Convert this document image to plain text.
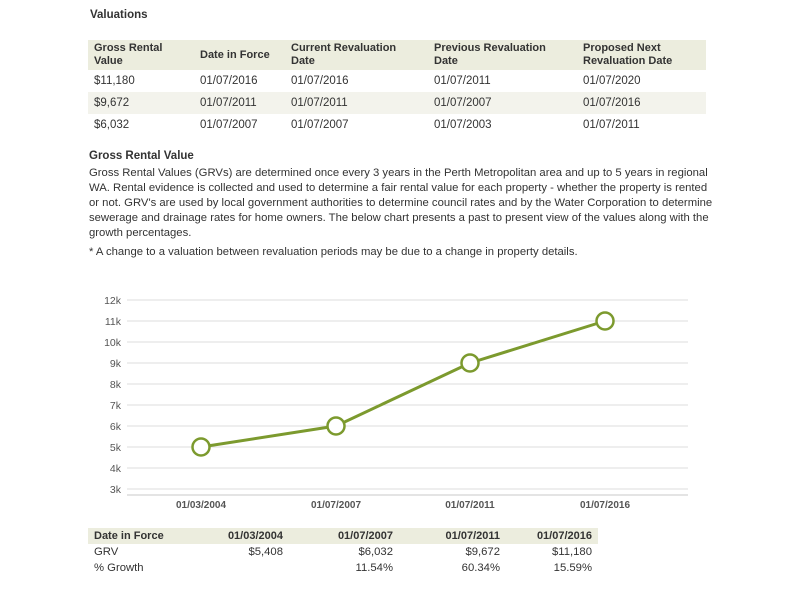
Valuations
Gross Rental Value	Date in Force	Current Revaluation Date	Previous Revaluation Date	Proposed Next Revaluation Date
$11,180	01/07/2016	01/07/2016	01/07/2011	01/07/2020
$9,672	01/07/2011	01/07/2011	01/07/2007	01/07/2016
$6,032	01/07/2007	01/07/2007	01/07/2003	01/07/2011
Gross Rental Value
Gross Rental Values (GRVs) are determined once every 3 years in the Perth Metropolitan area and up to 5 years in regional WA. Rental evidence is collected and used to determine a fair rental value for each property - whether the property is rented or not. GRV's are used by local government authorities to determine council rates and by the Water Corporation to determine sewerage and drainage rates for home owners. The below chart presents a past to present view of the values along with the growth percentages.
* A change to a valuation between revaluation periods may be due to a change in property details.
3k
4k
5k
6k
7k
8k
9k
10k
11k
12k
01/03/2004	01/07/2007	01/07/2011	01/07/2016
Date in Force	01/03/2004	01/07/2007	01/07/2011	01/07/2016
GRV	$5,408	$6,032	$9,672	$11,180
% Growth		11.54%	60.34%	15.59%
